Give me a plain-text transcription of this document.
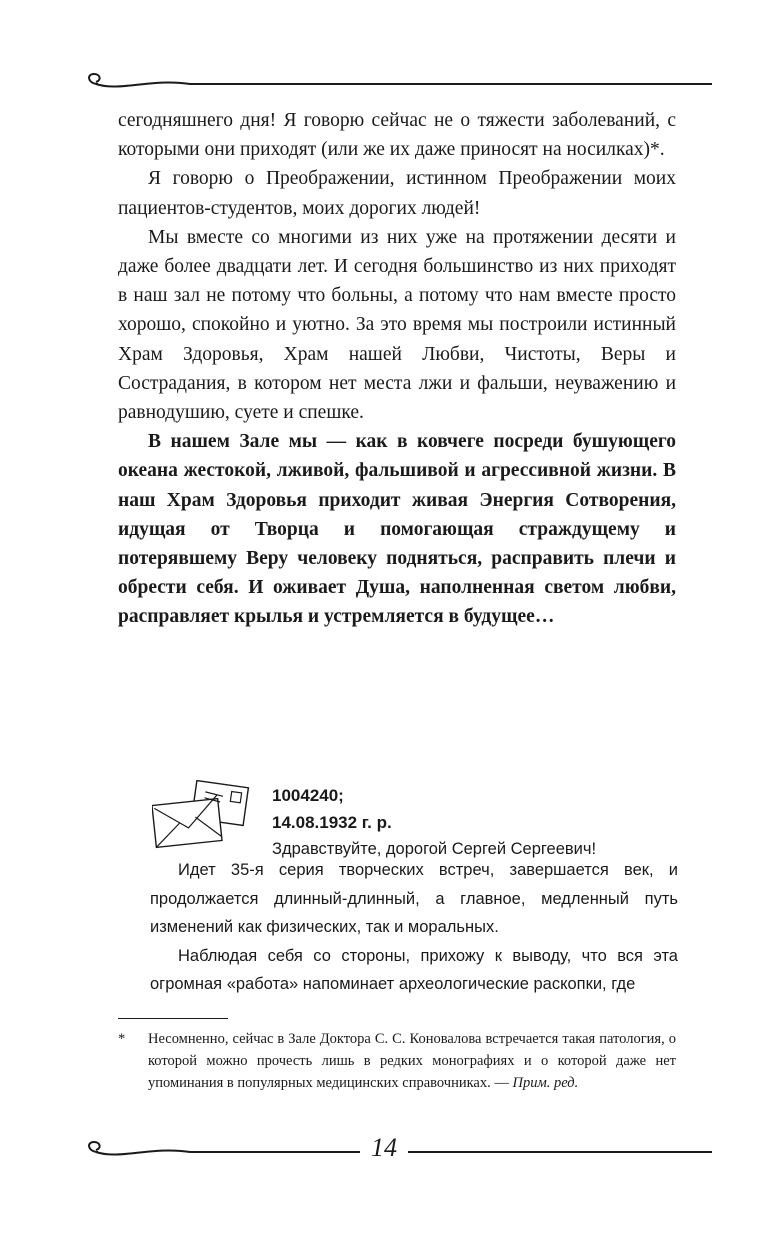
сегодняшнего дня! Я говорю сейчас не о тяжести заболеваний, с которыми они приходят (или же их даже приносят на носилках)*.

Я говорю о Преображении, истинном Преображении моих пациентов-студентов, моих дорогих людей!

Мы вместе со многими из них уже на протяжении десяти и даже более двадцати лет. И сегодня большинство из них приходят в наш зал не потому что больны, а потому что нам вместе просто хорошо, спокойно и уютно. За это время мы построили истинный Храм Здоровья, Храм нашей Любви, Чистоты, Веры и Сострадания, в котором нет места лжи и фальши, неуважению и равнодушию, суете и спешке.

В нашем Зале мы — как в ковчеге посреди бушующего океана жестокой, лживой, фальшивой и агрессивной жизни. В наш Храм Здоровья приходит живая Энергия Сотворения, идущая от Творца и помогающая страждущему и потерявшему Веру человеку подняться, расправить плечи и обрести себя. И оживает Душа, наполненная светом любви, расправляет крылья и устремляется в будущее…

1004240;
14.08.1932 г. р.
Здравствуйте, дорогой Сергей Сергеевич!

Идет 35-я серия творческих встреч, завершается век, и продолжается длинный-длинный, а главное, медленный путь изменений как физических, так и моральных.

Наблюдая себя со стороны, прихожу к выводу, что вся эта огромная «работа» напоминает археологические раскопки, где

* Несомненно, сейчас в Зале Доктора С. С. Коновалова встречается такая патология, о которой можно прочесть лишь в редких монографиях и о которой даже нет упоминания в популярных медицинских справочниках. — Прим. ред.
14
